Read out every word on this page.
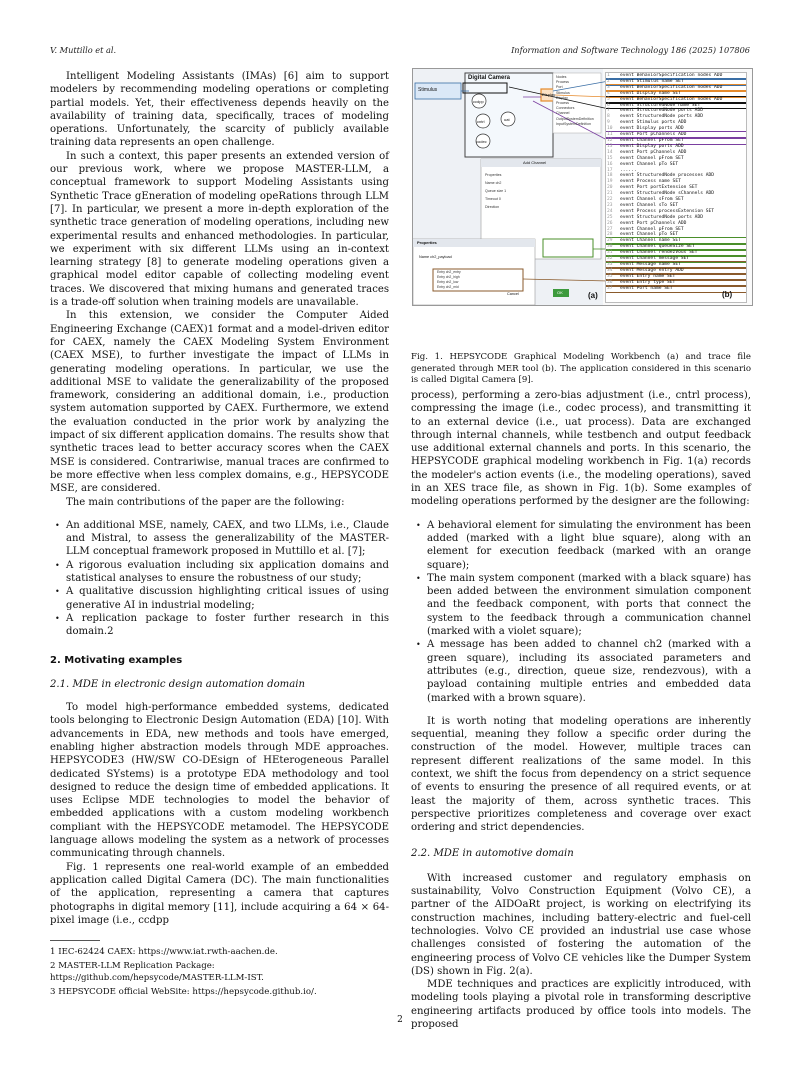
V. Muttillo et al.	Information and Software Technology 186 (2025) 107806

Intelligent Modeling Assistants (IMAs) [6] aim to support modelers by recommending modeling operations or completing partial models. Yet, their effectiveness depends heavily on the availability of training data, specifically, traces of modeling operations. Unfortunately, the scarcity of publicly available training data represents an open challenge.

In such a context, this paper presents an extended version of our previous work, where we propose MASTER-LLM, a conceptual framework to support Modeling Assistants using Synthetic Trace gEneration of modeling opeRations through LLM [7]. In particular, we present a more in-depth exploration of the synthetic trace generation of modeling operations, including new experimental results and enhanced methodologies. In particular, we experiment with six different LLMs using an in-context learning strategy [8] to generate modeling operations given a graphical model editor capable of collecting modeling event traces. We discovered that mixing humans and generated traces is a trade-off solution when training models are unavailable.

In this extension, we consider the Computer Aided Engineering Exchange (CAEX)1 format and a model-driven editor for CAEX, namely the CAEX Modeling System Environment (CAEX MSE), to further investigate the impact of LLMs in generating modeling operations. In particular, we use the additional MSE to validate the generalizability of the proposed framework, considering an additional domain, i.e., production system automation supported by CAEX. Furthermore, we extend the evaluation conducted in the prior work by analyzing the impact of six different application domains. The results show that synthetic traces lead to better accuracy scores when the CAEX MSE is considered. Contrariwise, manual traces are confirmed to be more effective when less complex domains, e.g., HEPSYCODE MSE, are considered.

The main contributions of the paper are the following:

• An additional MSE, namely, CAEX, and two LLMs, i.e., Claude and Mistral, to assess the generalizability of the MASTER-LLM conceptual framework proposed in Muttillo et al. [7];
• A rigorous evaluation including six application domains and statistical analyses to ensure the robustness of our study;
• A qualitative discussion highlighting critical issues of using generative AI in industrial modeling;
• A replication package to foster further research in this domain.2
2. Motivating examples
2.1. MDE in electronic design automation domain

To model high-performance embedded systems, dedicated tools belonging to Electronic Design Automation (EDA) [10]. With advancements in EDA, new methods and tools have emerged, enabling higher abstraction models through MDE approaches. HEPSYCODE3 (HW/SW CO-DEsign of HEterogeneous Parallel dedicated SYstems) is a prototype EDA methodology and tool designed to reduce the design time of embedded applications. It uses Eclipse MDE technologies to model the behavior of embedded applications with a custom modeling workbench compliant with the HEPSYCODE metamodel. The HEPSYCODE language allows modeling the system as a network of processes communicating through channels.

Fig. 1 represents one real-world example of an embedded application called Digital Camera (DC). The main functionalities of the application, representing a camera that captures photographs in digital memory [11], include acquiring a 64 × 64-pixel image (i.e., ccdpp

1 IEC-62424 CAEX: https://www.iat.rwth-aachen.de.
2 MASTER-LLM Replication Package: https://github.com/hepsycode/MASTER-LLM-IST.
3 HEPSYCODE official WebSite: https://hepsycode.github.io/.
Digital Camera
Stimulus
Display
ccdpp
cntrl	uat
codec
Nodes
Process
Port
Stimulus
Display
Process
Connectors
Channel
OutputSystemDefinition
InputSystemDefinition
Add Channel
Properties
Name ch2
Queue size 1
Timeout 0
Direction
Properties
Name ch2_payload
Entry ch2_entry
Entry ch2_high
Entry ch2_low
Entry ch2_mid
Cancel	OK	(a)
1 event BehaviorSpecification nodes ADD
2 event Stimulus name SET
3 event BehaviorSpecification nodes ADD
4 event Display name SET
5 event BehaviorSpecification nodes ADD
6 event StructuredNode name SET
7 event StructuredNode ports ADD
8 event StructuredNode ports ADD
9 event Stimulus ports ADD
10 event Display ports ADD
11 event Port pChannels ADD
12 event Channel pFrom SET
13 event Display ports ADD
14 event Port pChannels ADD
15 event Channel pFrom SET
16 event Channel pTo SET
17 ......
18 event StructuredNode processes ADD
19 event Process name SET
20 event Port portExtension SET
21 event StructuredNode sChannels ADD
22 event Channel sFrom SET
23 event Channel sTo SET
24 event Process processExtension SET
25 event StructuredNode ports ADD
26 event Port pChannels ADD
27 event Channel pFrom SET
28 event Channel pTo SET
29 event Channel name SET
30 event Channel queueSize SET
31 event Channel rendezVous SET
32 event Channel message SET
33 event Message name SET
34 event Message entry ADD
35 event Entry name SET
36 event Entry type SET
37 event Port name SET
(b)
Fig. 1. HEPSYCODE Graphical Modeling Workbench (a) and trace file generated through MER tool (b). The application considered in this scenario is called Digital Camera [9].

process), performing a zero-bias adjustment (i.e., cntrl process), compressing the image (i.e., codec process), and transmitting it to an external device (i.e., uat process). Data are exchanged through internal channels, while testbench and output feedback use additional external channels and ports. In this scenario, the HEPSYCODE graphical modeling workbench in Fig. 1(a) records the modeler's action events (i.e., the modeling operations), saved in an XES trace file, as shown in Fig. 1(b). Some examples of modeling operations performed by the designer are the following:

• A behavioral element for simulating the environment has been added (marked with a light blue square), along with an element for execution feedback (marked with an orange square);
• The main system component (marked with a black square) has been added between the environment simulation component and the feedback component, with ports that connect the system to the feedback through a communication channel (marked with a violet square);
• A message has been added to channel ch2 (marked with a green square), including its associated parameters and attributes (e.g., direction, queue size, rendezvous), with a payload containing multiple entries and embedded data (marked with a brown square).

It is worth noting that modeling operations are inherently sequential, meaning they follow a specific order during the construction of the model. However, multiple traces can represent different realizations of the same model. In this context, we shift the focus from dependency on a strict sequence of events to ensuring the presence of all required events, or at least the majority of them, across synthetic traces. This perspective prioritizes completeness and coverage over exact ordering and strict dependencies.

2.2. MDE in automotive domain

With increased customer and regulatory emphasis on sustainability, Volvo Construction Equipment (Volvo CE), a partner of the AIDOaRt project, is working on electrifying its construction machines, including battery-electric and fuel-cell technologies. Volvo CE provided an industrial use case whose challenges consisted of fostering the automation of the engineering process of Volvo CE vehicles like the Dumper System (DS) shown in Fig. 2(a).

MDE techniques and practices are explicitly introduced, with modeling tools playing a pivotal role in transforming descriptive engineering artifacts produced by office tools into models. The proposed

2
